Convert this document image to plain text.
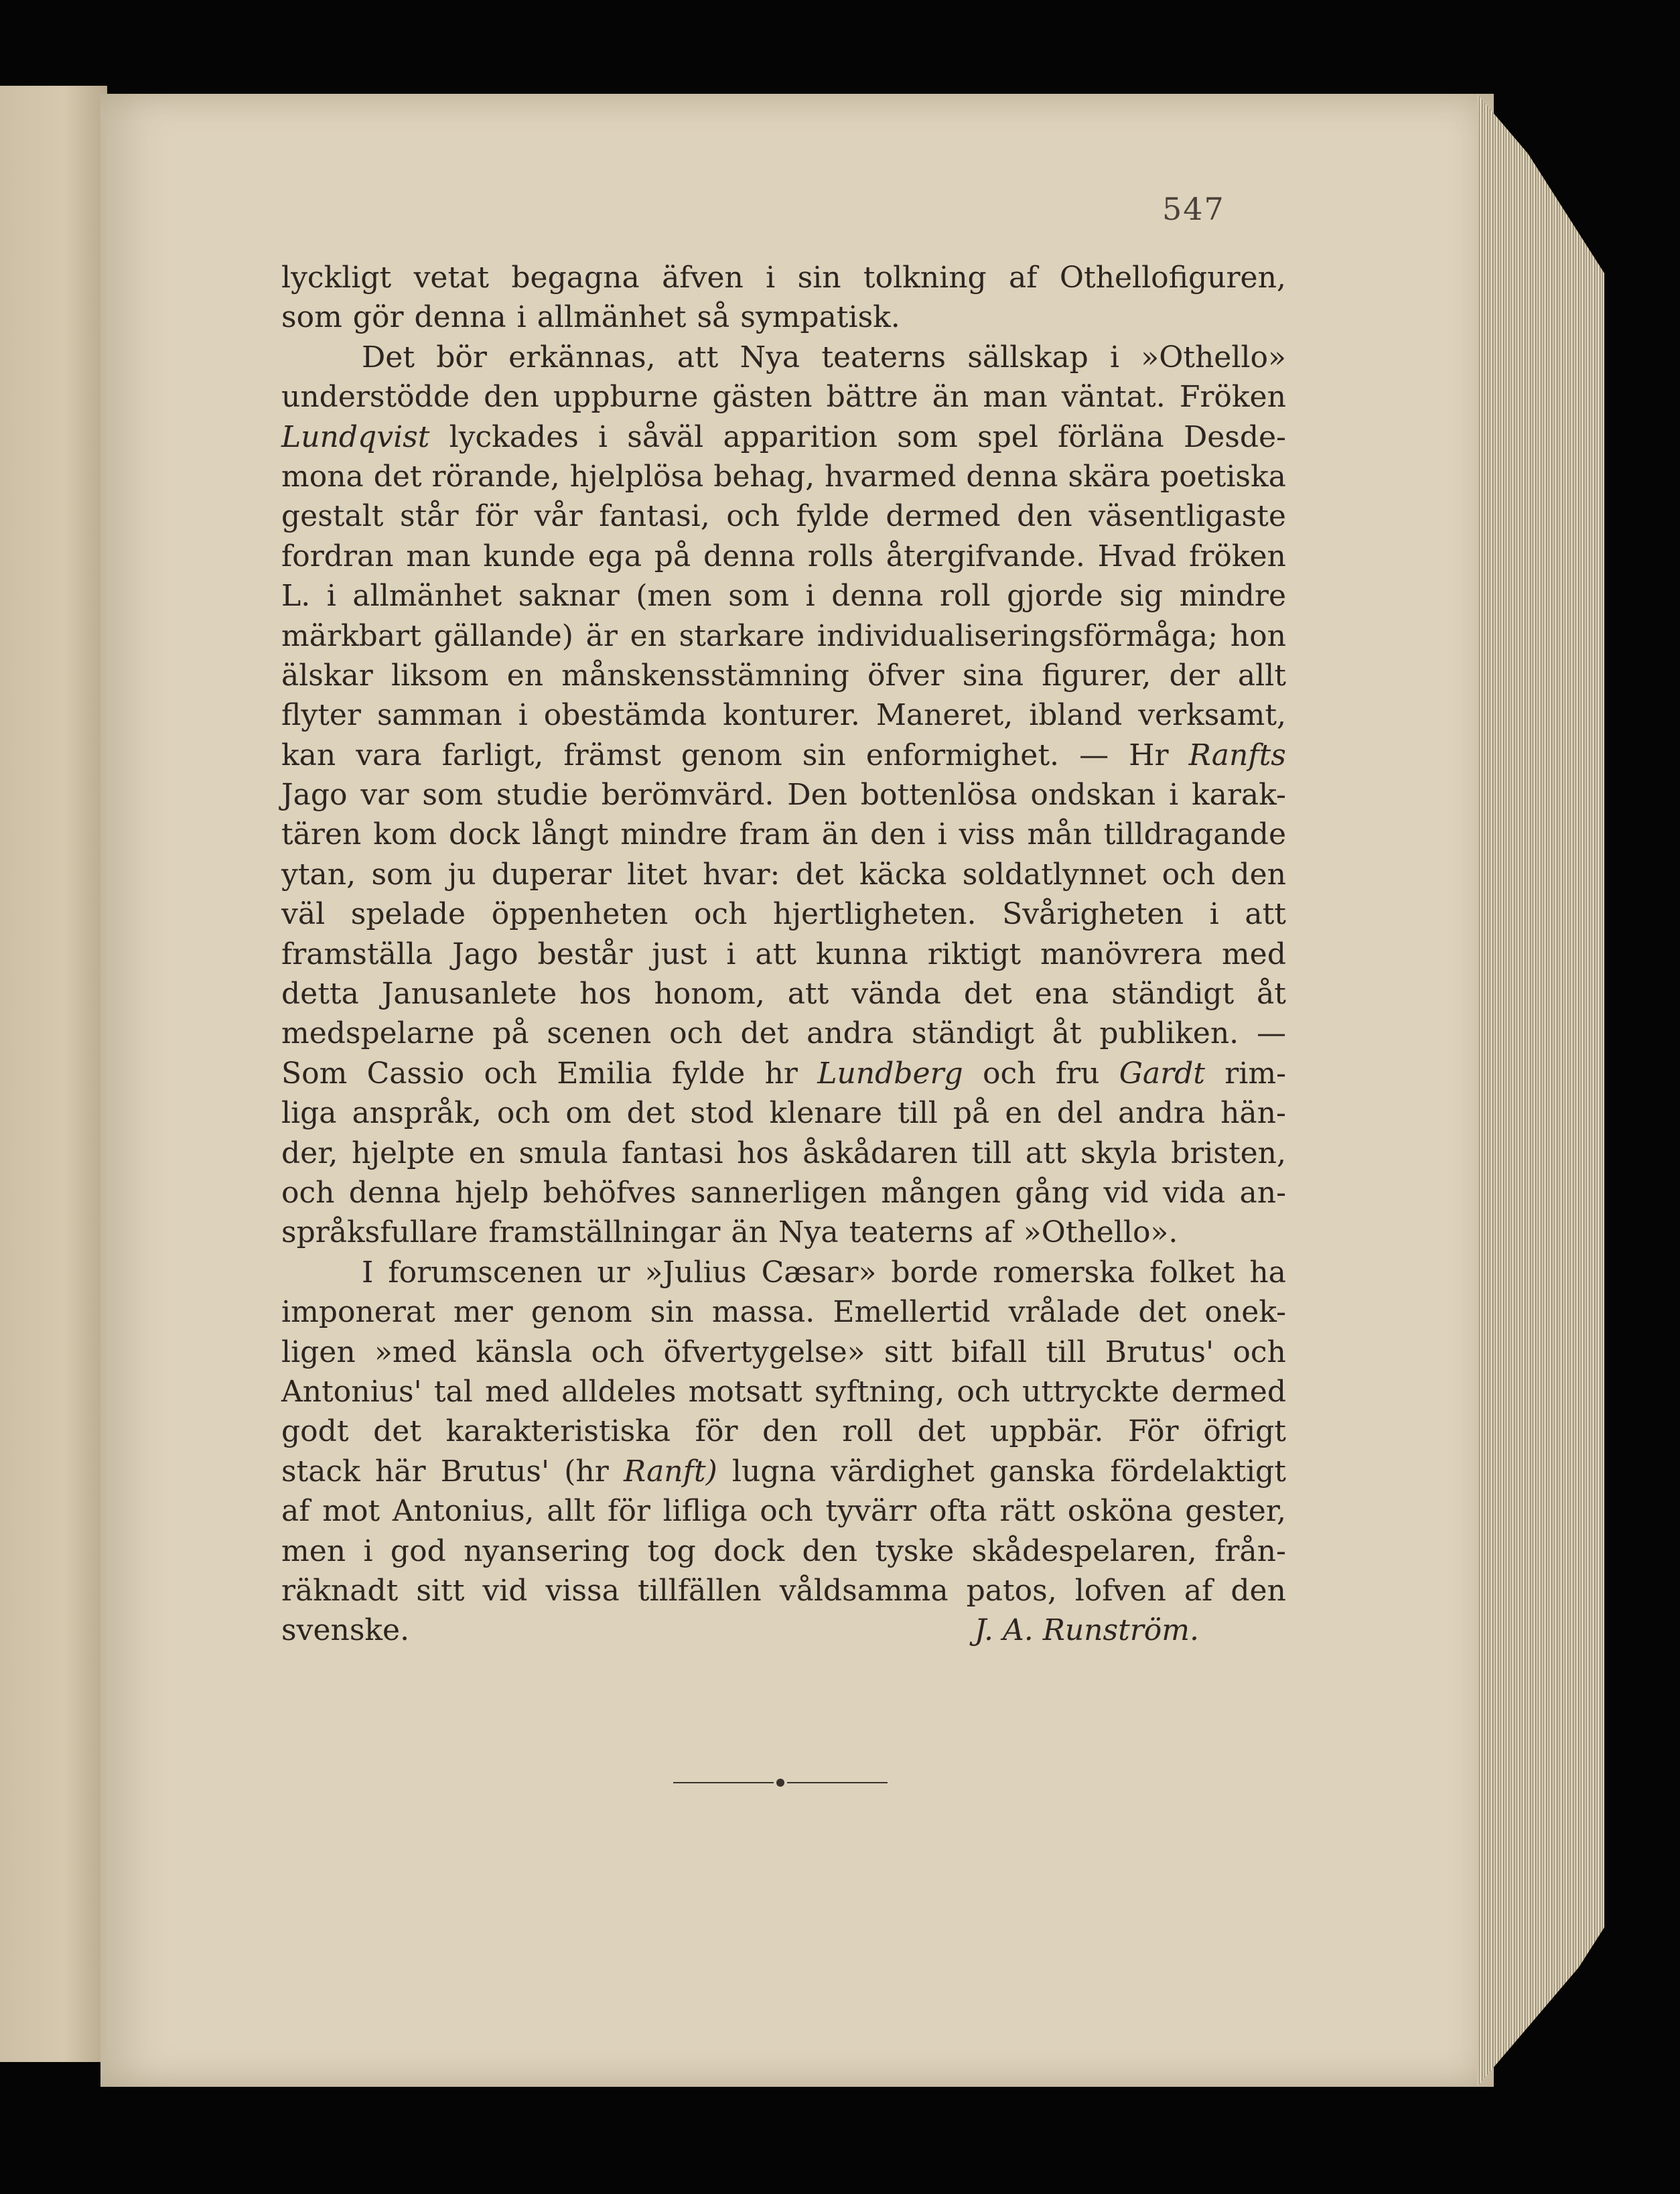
547
lyckligt vetat begagna äfven i sin tolkning af Othellofiguren,
som gör denna i allmänhet så sympatisk.
Det bör erkännas, att Nya teaterns sällskap i »Othello»
understödde den uppburne gästen bättre än man väntat. Fröken
Lundqvist lyckades i såväl apparition som spel förläna Desde-
mona det rörande, hjelplösa behag, hvarmed denna skära poetiska
gestalt står för vår fantasi, och fylde dermed den väsentligaste
fordran man kunde ega på denna rolls återgifvande. Hvad fröken
L. i allmänhet saknar (men som i denna roll gjorde sig mindre
märkbart gällande) är en starkare individualiseringsförmåga; hon
älskar liksom en månskensstämning öfver sina figurer, der allt
flyter samman i obestämda konturer. Maneret, ibland verksamt,
kan vara farligt, främst genom sin enformighet. — Hr Ranfts
Jago var som studie berömvärd. Den bottenlösa ondskan i karak-
tären kom dock långt mindre fram än den i viss mån tilldragande
ytan, som ju duperar litet hvar: det käcka soldatlynnet och den
väl spelade öppenheten och hjertligheten. Svårigheten i att
framställa Jago består just i att kunna riktigt manövrera med
detta Janusanlete hos honom, att vända det ena ständigt åt
medspelarne på scenen och det andra ständigt åt publiken. —
Som Cassio och Emilia fylde hr Lundberg och fru Gardt rim-
liga anspråk, och om det stod klenare till på en del andra hän-
der, hjelpte en smula fantasi hos åskådaren till att skyla bristen,
och denna hjelp behöfves sannerligen mången gång vid vida an-
språksfullare framställningar än Nya teaterns af »Othello».
I forumscenen ur »Julius Cæsar» borde romerska folket ha
imponerat mer genom sin massa. Emellertid vrålade det onek-
ligen »med känsla och öfvertygelse» sitt bifall till Brutus' och
Antonius' tal med alldeles motsatt syftning, och uttryckte dermed
godt det karakteristiska för den roll det uppbär. För öfrigt
stack här Brutus' (hr Ranft) lugna värdighet ganska fördelaktigt
af mot Antonius, allt för lifliga och tyvärr ofta rätt osköna gester,
men i god nyansering tog dock den tyske skådespelaren, från-
räknadt sitt vid vissa tillfällen våldsamma patos, lofven af den
svenske.	J. A. Runström.
